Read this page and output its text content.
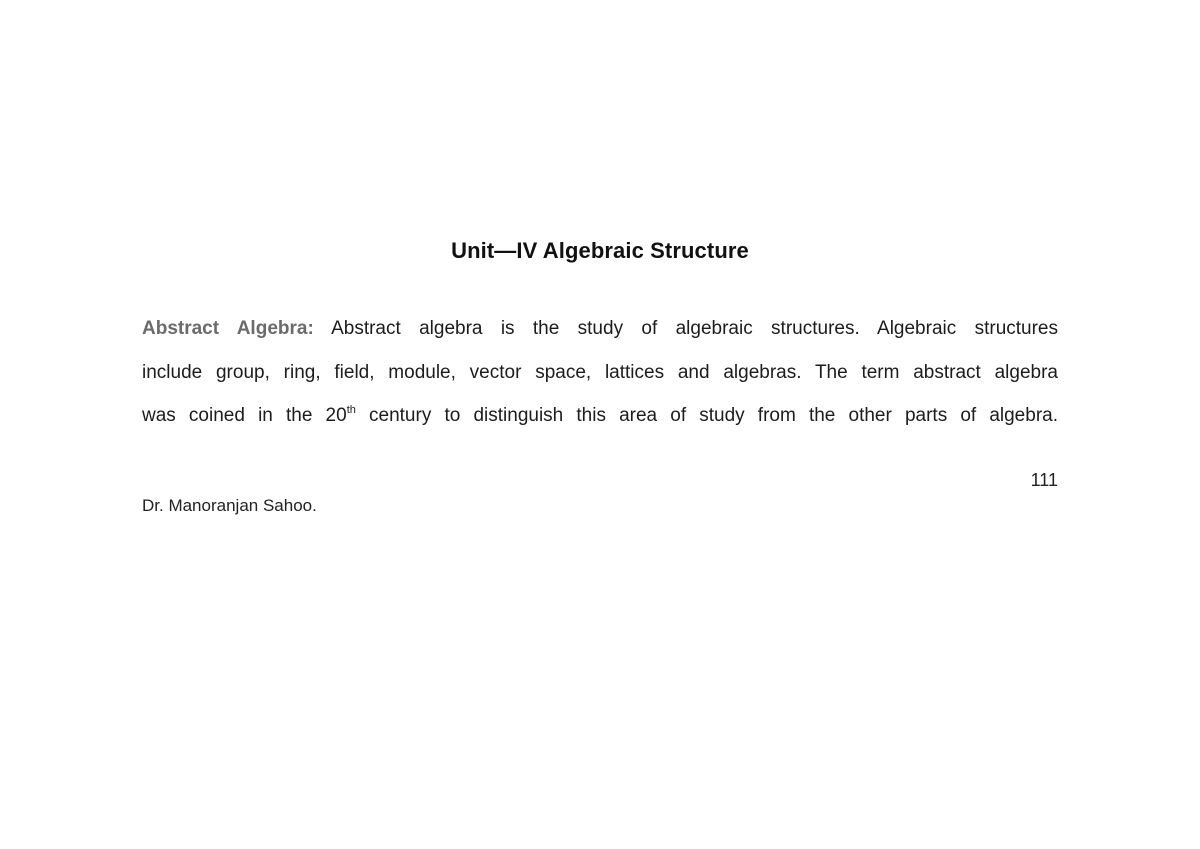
Unit—IV Algebraic Structure
Abstract Algebra: Abstract algebra is the study of algebraic structures. Algebraic structures
include group, ring, field, module, vector space, lattices and algebras. The term abstract algebra
was coined in the 20th century to distinguish this area of study from the other parts of algebra.
111
Dr. Manoranjan Sahoo.
